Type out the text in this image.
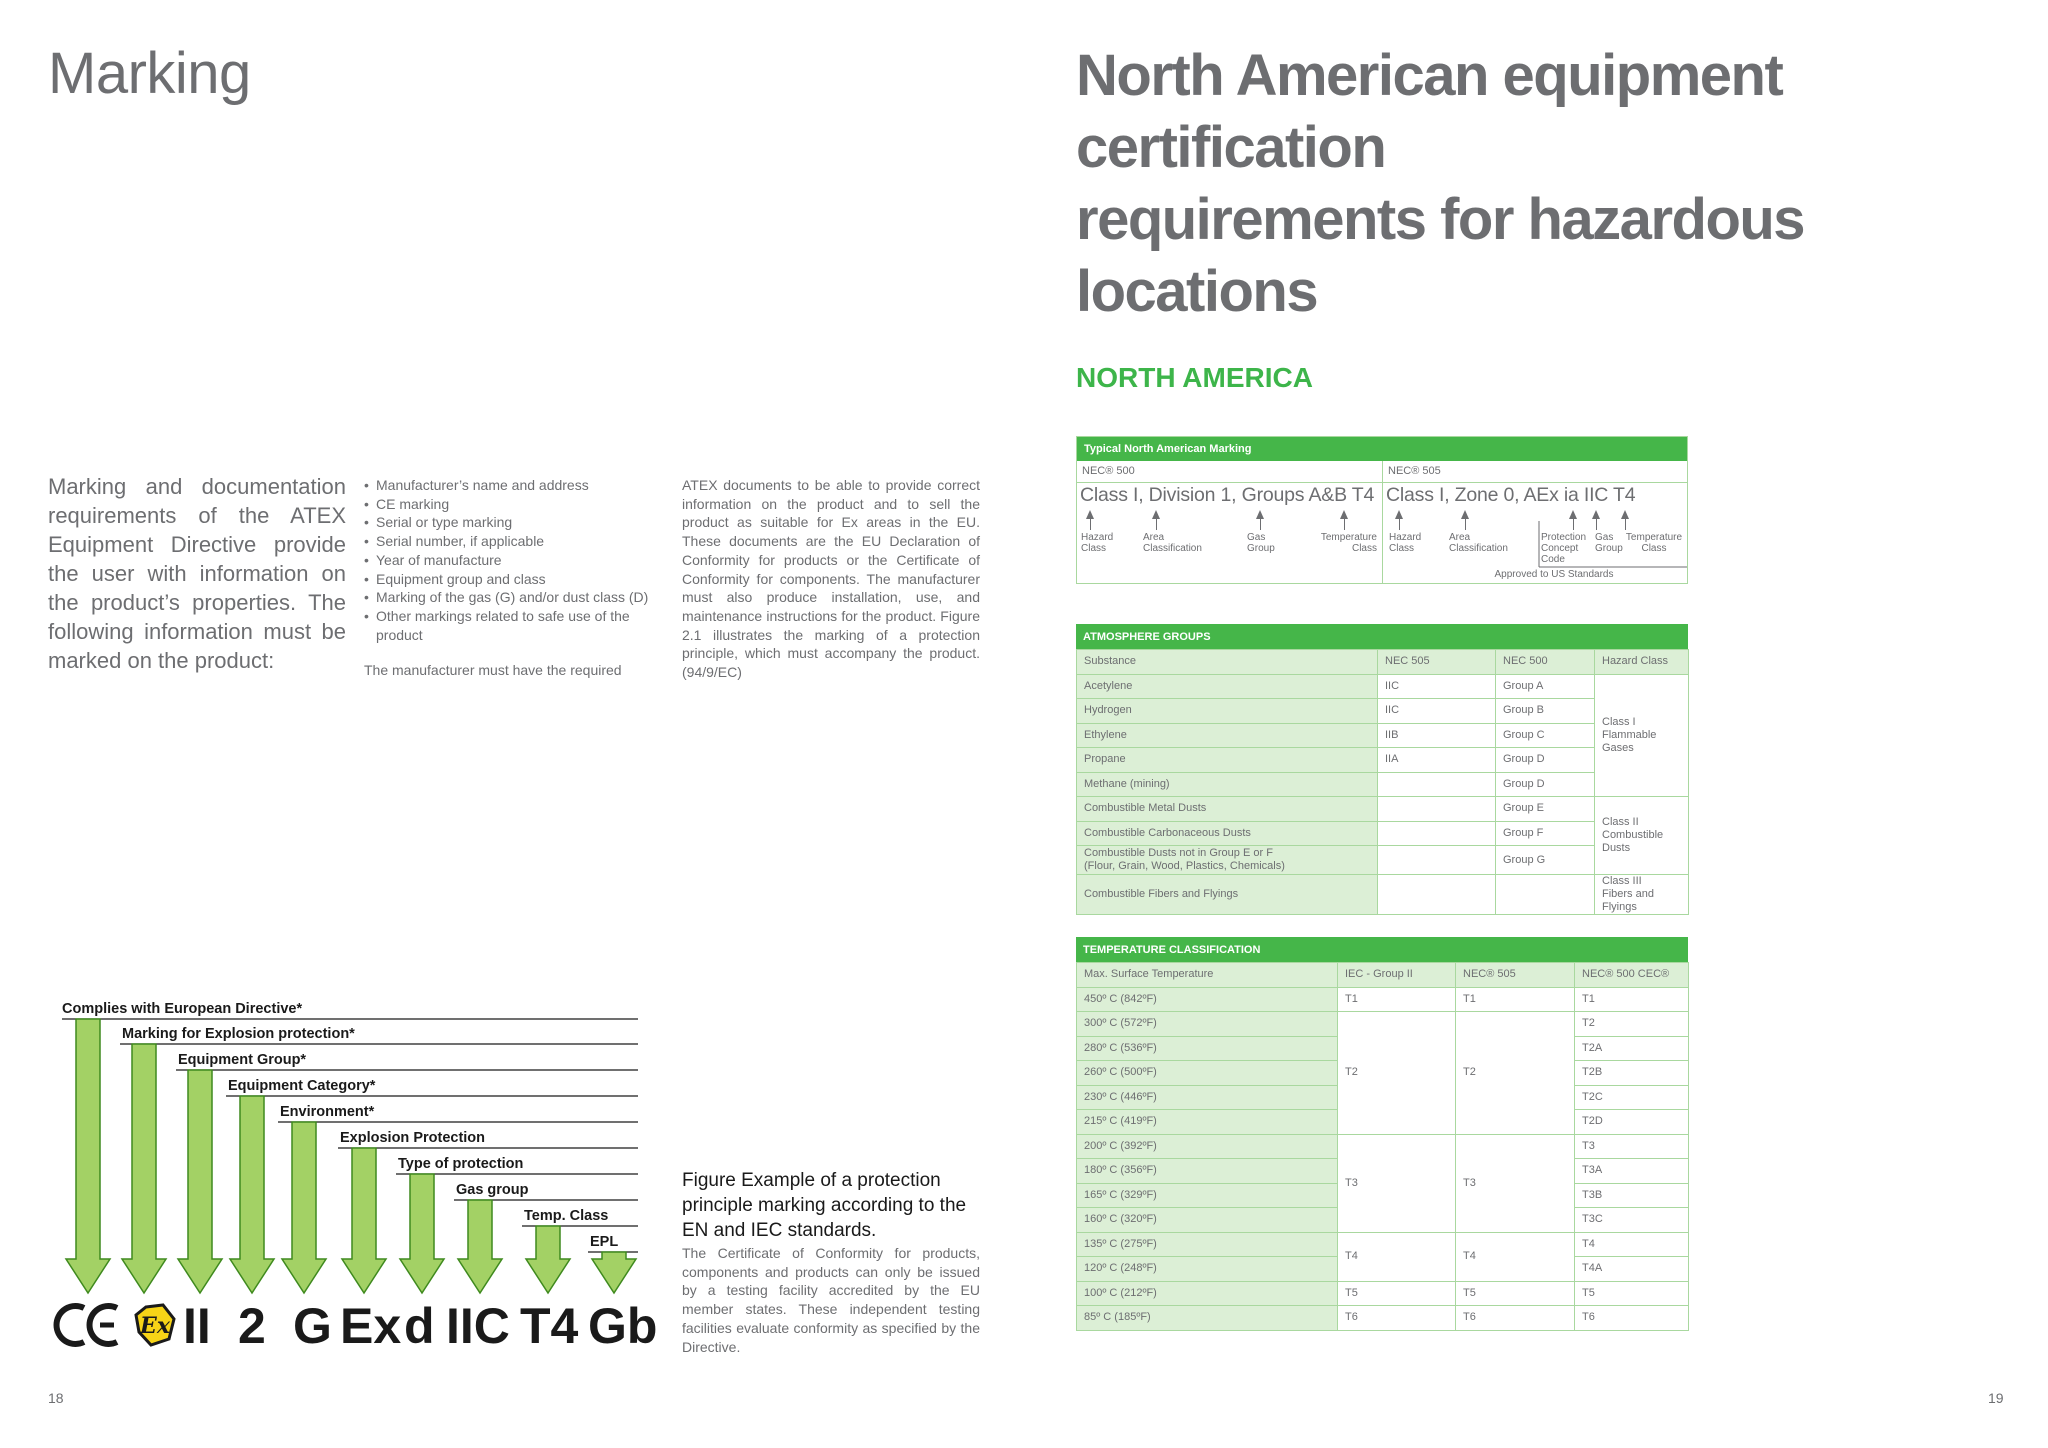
Marking

Marking and documentation requirements of the ATEX Equipment Directive provide the user with information on the product’s properties. The following information must be marked on the product:

• Manufacturer’s name and address
• CE marking
• Serial or type marking
• Serial number, if applicable
• Year of manufacture
• Equipment group and class
• Marking of the gas (G) and/or dust class (D)
• Other markings related to safe use of the product

The manufacturer must have the required

ATEX documents to be able to provide correct information on the product and to sell the product as suitable for Ex areas in the EU. These documents are the EU Declaration of Conformity for products or the Certificate of Conformity for components. The manufacturer must also produce installation, use, and maintenance instructions for the product. Figure 2.1 illustrates the marking of a protection principle, which must accompany the product. (94/9/EC)

Complies with European Directive*
Marking for Explosion protection*
Equipment Group*
Equipment Category*
Environment*
Explosion Protection
Type of protection
Gas group
Temp. Class
EPL
Ex II 2 G Ex d IIC T4 Gb

Figure Example of a protection principle marking according to the EN and IEC standards.

The Certificate of Conformity for products, components and products can only be issued by a testing facility accredited by the EU member states. These independent testing facilities evaluate conformity as specified by the Directive.

18
North American equipment certification
requirements for hazardous locations
NORTH AMERICA
Typical North American Marking
NEC® 500
Class I, Division 1, Groups A&B T4
Hazard Class
Area Classification
Gas Group
Temperature Class
NEC® 505
Class I, Zone 0, AEx ia IIC T4
Hazard Class
Area Classification
Protection Concept Code
Gas Group
Temperature Class
Approved to US Standards
ATMOSPHERE GROUPS
Substance	NEC 505	NEC 500	Hazard Class
Acetylene	IIC	Group A	Class I
Flammable Gases
Hydrogen	IIC	Group B	
Ethylene	IIB	Group C	
Propane	IIA	Group D	
Methane (mining)		Group D	
Combustible Metal Dusts		Group E	Class II
Combustible
Dusts
Combustible Carbonaceous Dusts		Group F	
Combustible Dusts not in Group E or F
(Flour, Grain, Wood, Plastics, Chemicals)		Group G	
Combustible Fibers and Flyings			Class III
Fibers and Flyings
TEMPERATURE CLASSIFICATION
Max. Surface Temperature	IEC - Group II	NEC® 505	NEC® 500 CEC®
450º C (842ºF)	T1	T1	T1
300º C (572ºF)	T2	T2	T2
280º C (536ºF)			T2A
260º C (500ºF)			T2B
230º C (446ºF)			T2C
215º C (419ºF)			T2D
200º C (392ºF)	T3	T3	T3
180º C (356ºF)			T3A
165º C (329ºF)			T3B
160º C (320ºF)			T3C
135º C (275ºF)	T4	T4	T4
120º C (248ºF)			T4A
100º C (212ºF)	T5	T5	T5
85º C (185ºF)	T6	T6	T6
19
